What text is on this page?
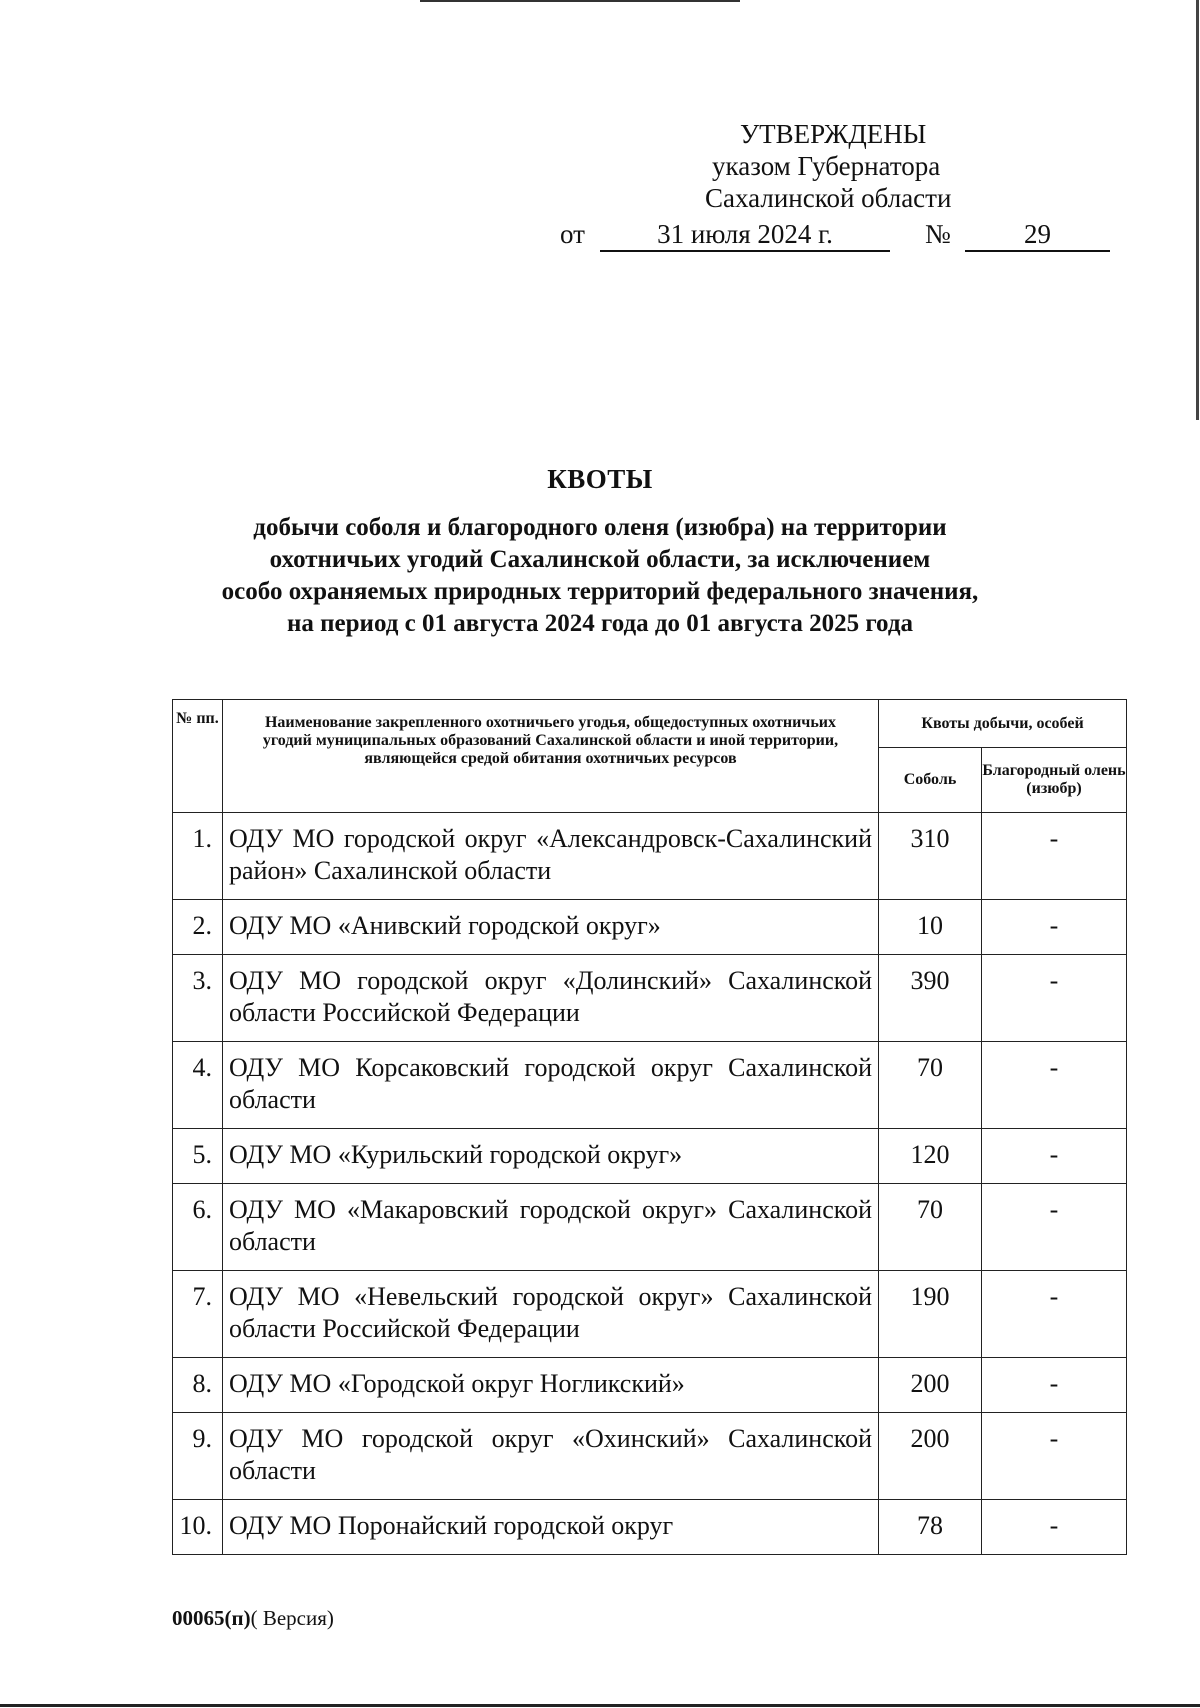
УТВЕРЖДЕНЫ
указом Губернатора
Сахалинской области
от	31 июля 2024 г.	№	29
КВОТЫ
добычи соболя и благородного оленя (изюбра) на территории
охотничьих угодий Сахалинской области, за исключением
особо охраняемых природных территорий федерального значения,
на период с 01 августа 2024 года до 01 августа 2025 года
№ пп.	Наименование закрепленного охотничьего угодья, общедоступных охотничьих угодий муниципальных образований Сахалинской области и иной территории, являющейся средой обитания охотничьих ресурсов	Квоты добычи, особей	
		Соболь	Благородный олень (изюбр)
1.	ОДУ МО городской округ «Александровск-Сахалинский район» Сахалинской области	310	-
2.	ОДУ МО «Анивский городской округ»	10	-
3.	ОДУ МО городской округ «Долинский» Сахалинской области Российской Федерации	390	-
4.	ОДУ МО Корсаковский городской округ Сахалинской области	70	-
5.	ОДУ МО «Курильский городской округ»	120	-
6.	ОДУ МО «Макаровский городской округ» Сахалинской области	70	-
7.	ОДУ МО «Невельский городской округ» Сахалинской области Российской Федерации	190	-
8.	ОДУ МО «Городской округ Ногликский»	200	-
9.	ОДУ МО городской округ «Охинский» Сахалинской области	200	-
10.	ОДУ МО Поронайский городской округ	78	-
00065(п)( Версия)
